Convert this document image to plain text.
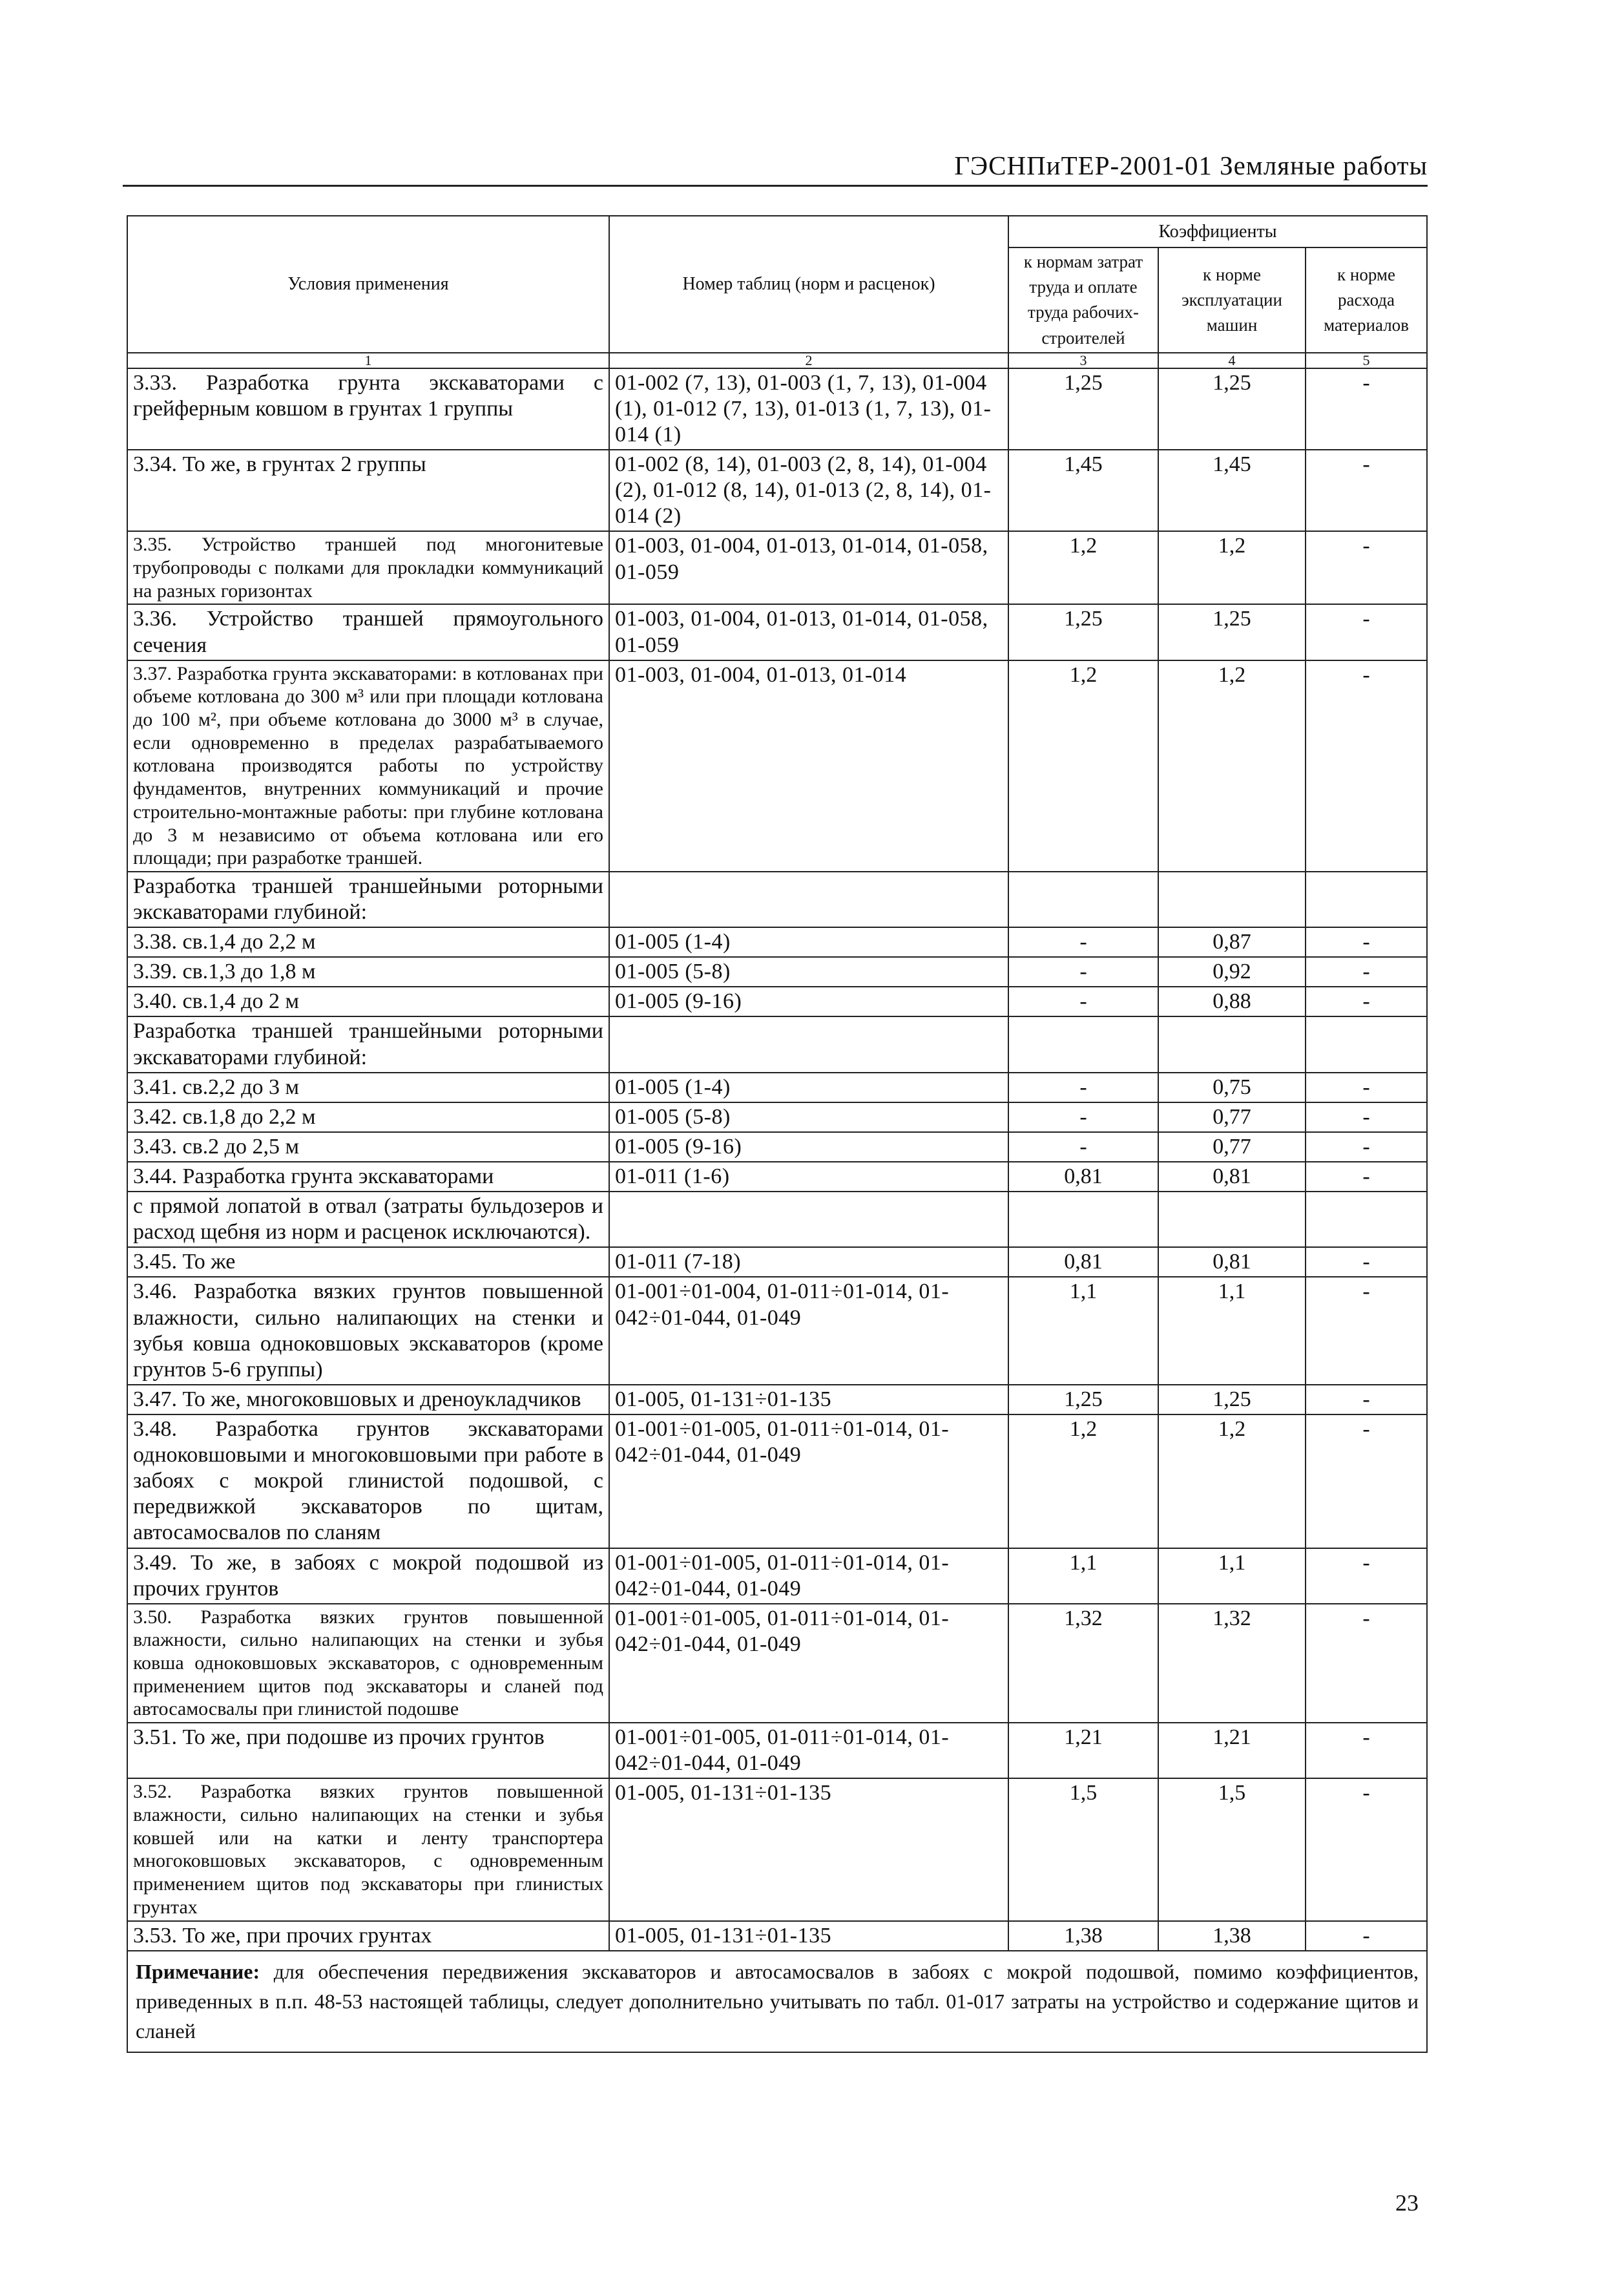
ГЭСНПиТЕР-2001-01 Земляные работы
Условия применения	Номер таблиц (норм и расценок)	Коэффициенты		
		к нормам затрат труда и оплате труда рабочих-строителей	к норме эксплуатации машин	к норме расхода материалов
1	2	3	4	5
3.33. Разработка грунта экскаваторами с грейферным ковшом в грунтах 1 группы	01-002 (7, 13), 01-003 (1, 7, 13), 01-004 (1), 01-012 (7, 13), 01-013 (1, 7, 13), 01-014 (1)	1,25	1,25	-
3.34. То же, в грунтах 2 группы	01-002 (8, 14), 01-003 (2, 8, 14), 01-004 (2), 01-012 (8, 14), 01-013 (2, 8, 14), 01-014 (2)	1,45	1,45	-
3.35. Устройство траншей под многонитевые трубопроводы с полками для прокладки коммуникаций на разных горизонтах	01-003, 01-004, 01-013, 01-014, 01-058, 01-059	1,2	1,2	-
3.36. Устройство траншей прямоугольного сечения	01-003, 01-004, 01-013, 01-014, 01-058, 01-059	1,25	1,25	-
3.37. Разработка грунта экскаваторами: в котлованах при объеме котлована до 300 м³ или при площади котлована до 100 м², при объеме котлована до 3000 м³ в случае, если одновременно в пределах разрабатываемого котлована производятся работы по устройству фундаментов, внутренних коммуникаций и прочие строительно-монтажные работы: при глубине котлована до 3 м независимо от объема котлована или его площади; при разработке траншей.	01-003, 01-004, 01-013, 01-014	1,2	1,2	-
Разработка траншей траншейными роторными экскаваторами глубиной:				
3.38. св.1,4 до 2,2 м	01-005 (1-4)	-	0,87	-
3.39. св.1,3 до 1,8 м	01-005 (5-8)	-	0,92	-
3.40. св.1,4 до 2 м	01-005 (9-16)	-	0,88	-
Разработка траншей траншейными роторными экскаваторами глубиной:				
3.41. св.2,2 до 3 м	01-005 (1-4)	-	0,75	-
3.42. св.1,8 до 2,2 м	01-005 (5-8)	-	0,77	-
3.43. св.2 до 2,5 м	01-005 (9-16)	-	0,77	-
3.44. Разработка грунта экскаваторами	01-011 (1-6)	0,81	0,81	-
с прямой лопатой в отвал (затраты бульдозеров и расход щебня из норм и расценок исключаются).				
3.45. То же	01-011 (7-18)	0,81	0,81	-
3.46. Разработка вязких грунтов повышенной влажности, сильно налипающих на стенки и зубья ковша одноковшовых экскаваторов (кроме грунтов 5-6 группы)	01-001÷01-004, 01-011÷01-014, 01-042÷01-044, 01-049	1,1	1,1	-
3.47. То же, многоковшовых и дреноукладчиков	01-005, 01-131÷01-135	1,25	1,25	-
3.48. Разработка грунтов экскаваторами одноковшовыми и многоковшовыми при работе в забоях с мокрой глинистой подошвой, с передвижкой экскаваторов по щитам, автосамосвалов по сланям	01-001÷01-005, 01-011÷01-014, 01-042÷01-044, 01-049	1,2	1,2	-
3.49. То же, в забоях с мокрой подошвой из прочих грунтов	01-001÷01-005, 01-011÷01-014, 01-042÷01-044, 01-049	1,1	1,1	-
3.50. Разработка вязких грунтов повышенной влажности, сильно налипающих на стенки и зубья ковша одноковшовых экскаваторов, с одновременным применением щитов под экскаваторы и сланей под автосамосвалы при глинистой подошве	01-001÷01-005, 01-011÷01-014, 01-042÷01-044, 01-049	1,32	1,32	-
3.51. То же, при подошве из прочих грунтов	01-001÷01-005, 01-011÷01-014, 01-042÷01-044, 01-049	1,21	1,21	-
3.52. Разработка вязких грунтов повышенной влажности, сильно налипающих на стенки и зубья ковшей или на катки и ленту транспортера многоковшовых экскаваторов, с одновременным применением щитов под экскаваторы при глинистых грунтах	01-005, 01-131÷01-135	1,5	1,5	-
3.53. То же, при прочих грунтах	01-005, 01-131÷01-135	1,38	1,38	-
Примечание: для обеспечения передвижения экскаваторов и автосамосвалов в забоях с мокрой подошвой, помимо коэффициентов, приведенных в п.п. 48-53 настоящей таблицы, следует дополнительно учитывать по табл. 01-017 затраты на устройство и содержание щитов и сланей				
23
